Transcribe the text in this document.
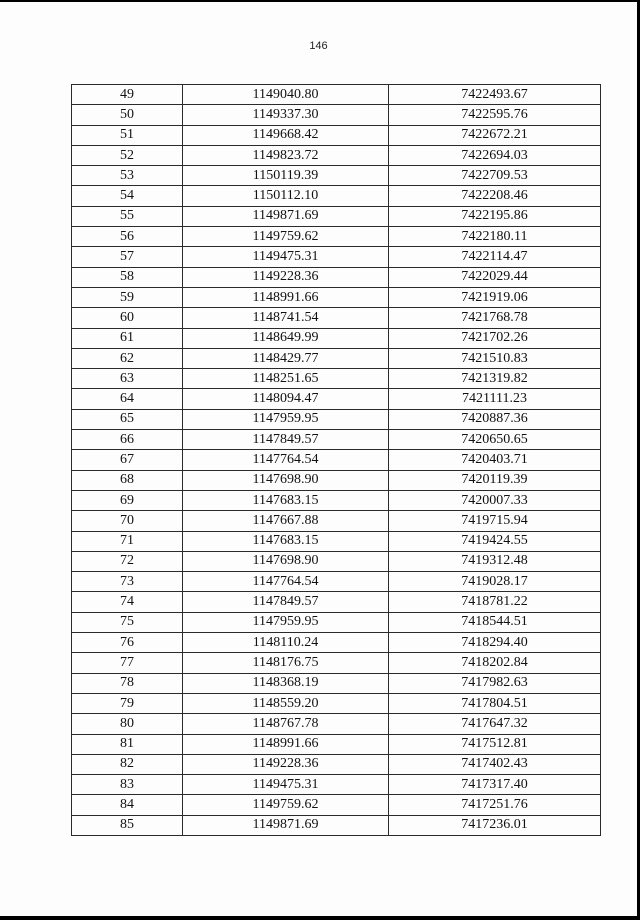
146
49	1149040.80	7422493.67
50	1149337.30	7422595.76
51	1149668.42	7422672.21
52	1149823.72	7422694.03
53	1150119.39	7422709.53
54	1150112.10	7422208.46
55	1149871.69	7422195.86
56	1149759.62	7422180.11
57	1149475.31	7422114.47
58	1149228.36	7422029.44
59	1148991.66	7421919.06
60	1148741.54	7421768.78
61	1148649.99	7421702.26
62	1148429.77	7421510.83
63	1148251.65	7421319.82
64	1148094.47	7421111.23
65	1147959.95	7420887.36
66	1147849.57	7420650.65
67	1147764.54	7420403.71
68	1147698.90	7420119.39
69	1147683.15	7420007.33
70	1147667.88	7419715.94
71	1147683.15	7419424.55
72	1147698.90	7419312.48
73	1147764.54	7419028.17
74	1147849.57	7418781.22
75	1147959.95	7418544.51
76	1148110.24	7418294.40
77	1148176.75	7418202.84
78	1148368.19	7417982.63
79	1148559.20	7417804.51
80	1148767.78	7417647.32
81	1148991.66	7417512.81
82	1149228.36	7417402.43
83	1149475.31	7417317.40
84	1149759.62	7417251.76
85	1149871.69	7417236.01
